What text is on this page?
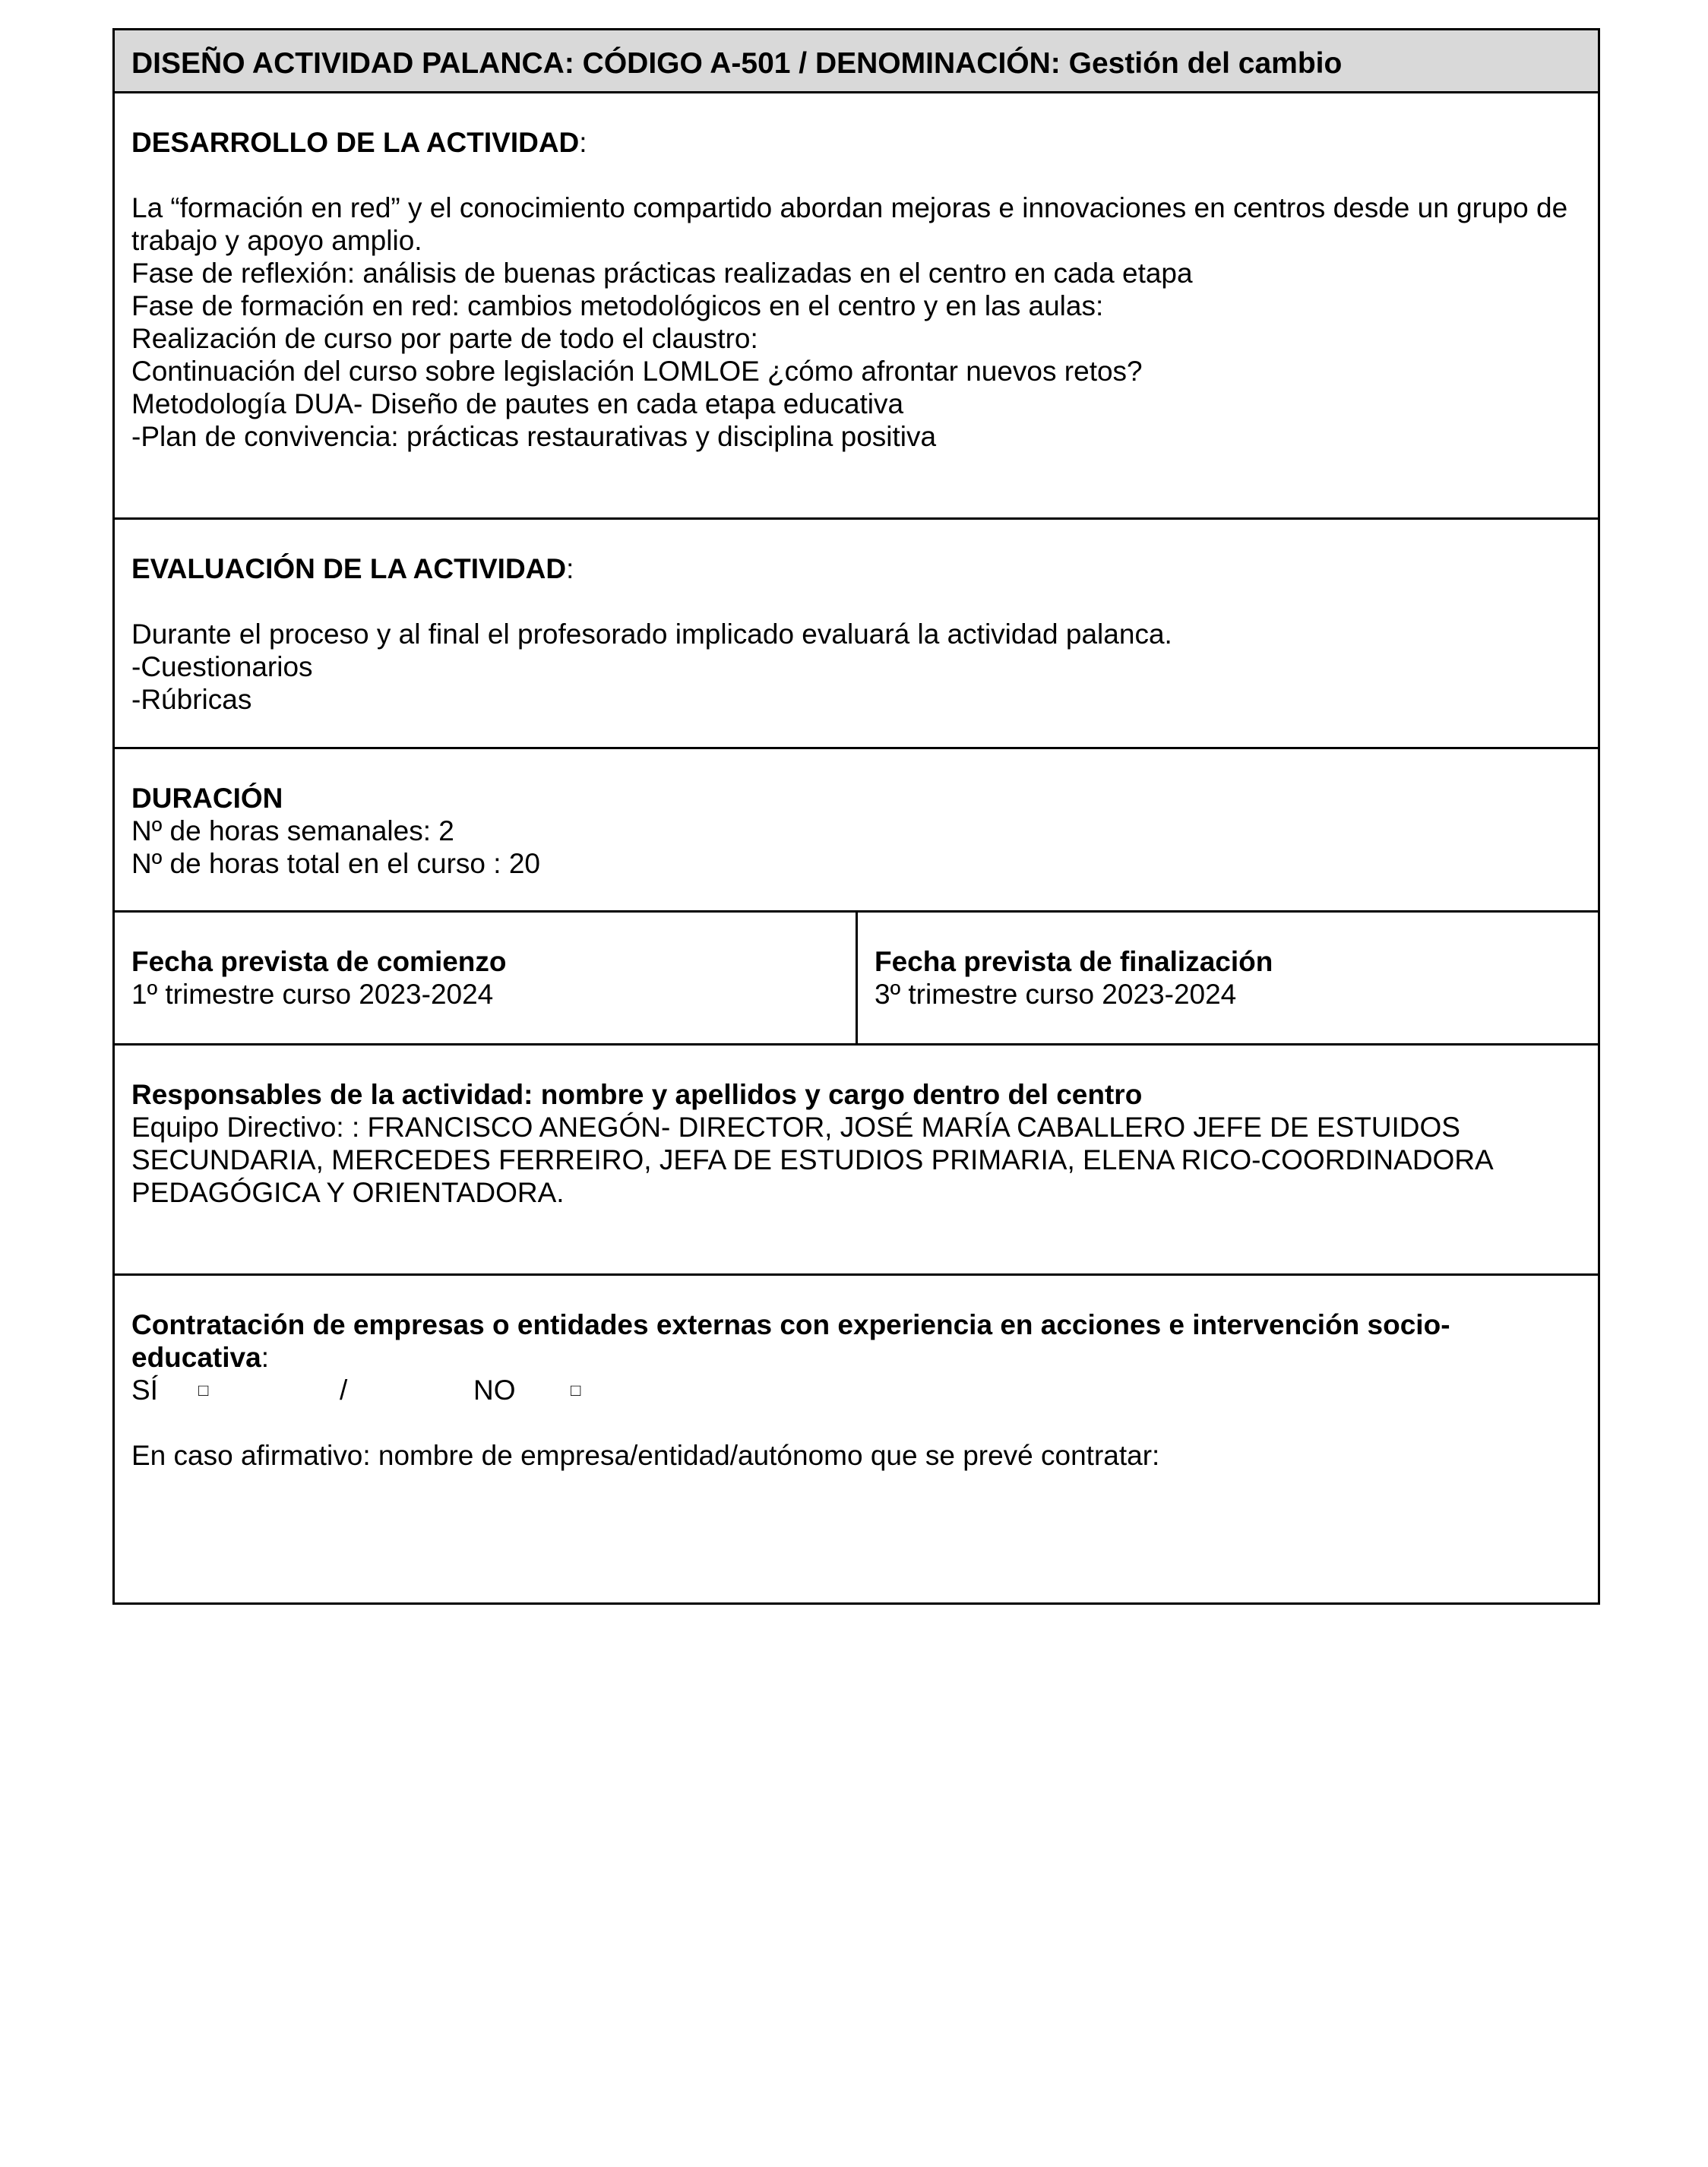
DISEÑO ACTIVIDAD PALANCA: CÓDIGO A-501 / DENOMINACIÓN: Gestión del cambio

DESARROLLO DE LA ACTIVIDAD:
La “formación en red” y el conocimiento compartido abordan mejoras e innovaciones en centros desde un grupo de
trabajo y apoyo amplio.
Fase de reflexión: análisis de buenas prácticas realizadas en el centro en cada etapa
Fase de formación en red: cambios metodológicos en el centro y en las aulas:
Realización de curso por parte de todo el claustro:
Continuación del curso sobre legislación LOMLOE ¿cómo afrontar nuevos retos?
Metodología DUA- Diseño de pautes en cada etapa educativa
-Plan de convivencia: prácticas restaurativas y disciplina positiva

EVALUACIÓN DE LA ACTIVIDAD:
Durante el proceso y al final el profesorado implicado evaluará la actividad palanca.
-Cuestionarios
-Rúbricas

DURACIÓN
Nº de horas semanales: 2
Nº de horas total en el curso : 20

Fecha prevista de comienzo
1º trimestre curso 2023-2024

Fecha prevista de finalización
3º trimestre curso 2023-2024

Responsables de la actividad: nombre y apellidos y cargo dentro del centro
Equipo Directivo: : FRANCISCO ANEGÓN- DIRECTOR, JOSÉ MARÍA CABALLERO JEFE DE ESTUIDOS
SECUNDARIA, MERCEDES FERREIRO, JEFA DE ESTUDIOS PRIMARIA, ELENA RICO-COORDINADORA
PEDAGÓGICA Y ORIENTADORA.

Contratación de empresas o entidades externas con experiencia en acciones e intervención socio-
educativa:
SÍ □	/	NO	□
En caso afirmativo: nombre de empresa/entidad/autónomo que se prevé contratar:
